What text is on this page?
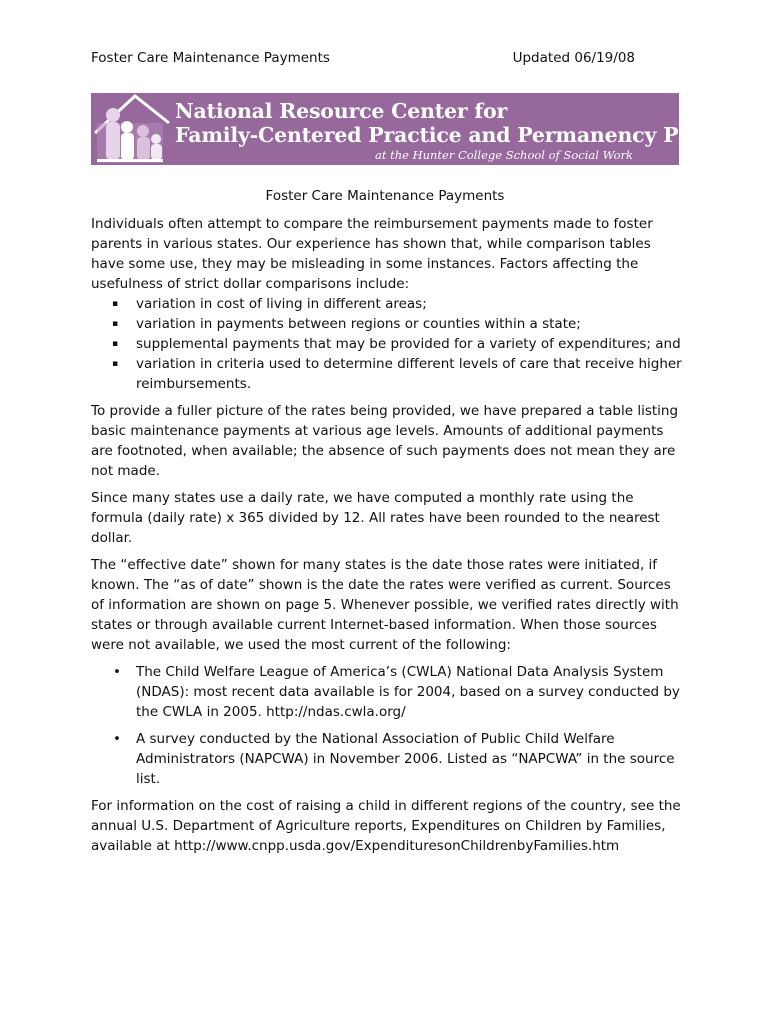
Foster Care Maintenance Payments	Updated 06/19/08
National Resource Center for
Family-Centered Practice and Permanency Planning
at the Hunter College School of Social Work
Foster Care Maintenance Payments

Individuals often attempt to compare the reimbursement payments made to foster parents in various states. Our experience has shown that, while comparison tables have some use, they may be misleading in some instances. Factors affecting the usefulness of strict dollar comparisons include:

▪ variation in cost of living in different areas;
▪ variation in payments between regions or counties within a state;
▪ supplemental payments that may be provided for a variety of expenditures; and
▪ variation in criteria used to determine different levels of care that receive higher reimbursements.

To provide a fuller picture of the rates being provided, we have prepared a table listing basic maintenance payments at various age levels. Amounts of additional payments are footnoted, when available; the absence of such payments does not mean they are not made.

Since many states use a daily rate, we have computed a monthly rate using the formula (daily rate) x 365 divided by 12. All rates have been rounded to the nearest dollar.

The “effective date” shown for many states is the date those rates were initiated, if known. The “as of date” shown is the date the rates were verified as current. Sources of information are shown on page 5. Whenever possible, we verified rates directly with states or through available current Internet-based information. When those sources were not available, we used the most current of the following:

• The Child Welfare League of America’s (CWLA) National Data Analysis System (NDAS): most recent data available is for 2004, based on a survey conducted by the CWLA in 2005. http://ndas.cwla.org/
• A survey conducted by the National Association of Public Child Welfare Administrators (NAPCWA) in November 2006. Listed as “NAPCWA” in the source list.

For information on the cost of raising a child in different regions of the country, see the annual U.S. Department of Agriculture reports, Expenditures on Children by Families, available at http://www.cnpp.usda.gov/ExpendituresonChildrenbyFamilies.htm
